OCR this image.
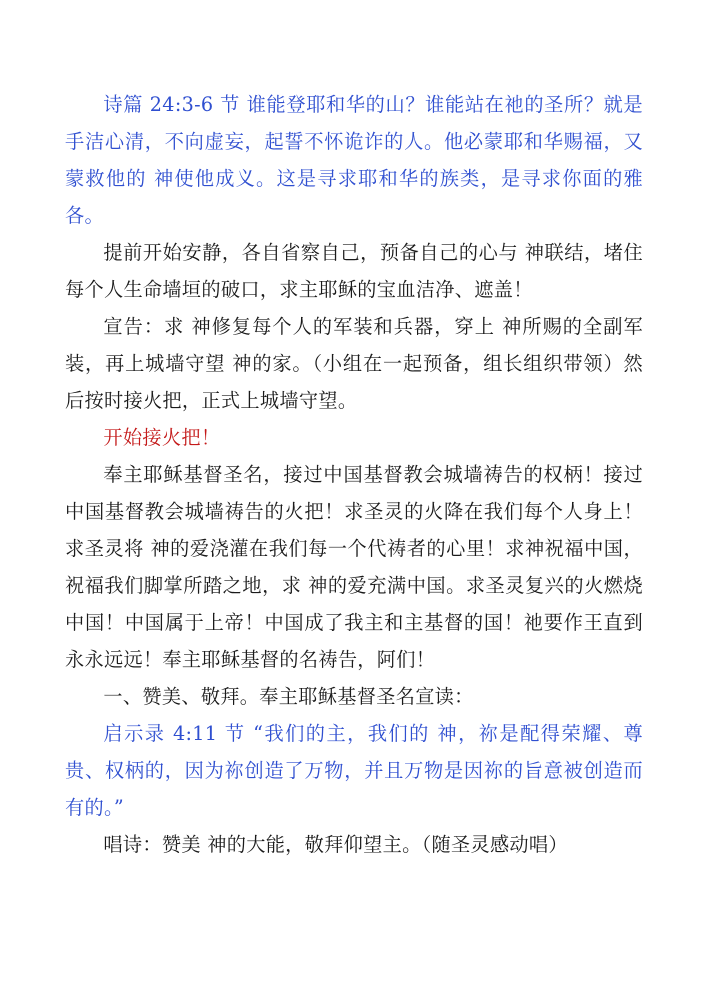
诗篇 24:3-6 节 谁能登耶和华的山？谁能站在祂的圣所？就是手洁心清，不向虚妄，起誓不怀诡诈的人。他必蒙耶和华赐福，又蒙救他的 神使他成义。这是寻求耶和华的族类，是寻求你面的雅各。

提前开始安静，各自省察自己，预备自己的心与 神联结，堵住每个人生命墙垣的破口，求主耶稣的宝血洁净、遮盖！

宣告：求 神修复每个人的军装和兵器，穿上 神所赐的全副军装，再上城墙守望 神的家。（小组在一起预备，组长组织带领）然后按时接火把，正式上城墙守望。

开始接火把！

奉主耶稣基督圣名，接过中国基督教会城墙祷告的权柄！接过中国基督教会城墙祷告的火把！求圣灵的火降在我们每个人身上！求圣灵将 神的爱浇灌在我们每一个代祷者的心里！求神祝福中国，祝福我们脚掌所踏之地，求 神的爱充满中国。求圣灵复兴的火燃烧中国！中国属于上帝！中国成了我主和主基督的国！祂要作王直到永永远远！奉主耶稣基督的名祷告，阿们！

一、赞美、敬拜。奉主耶稣基督圣名宣读：

启示录 4:11 节 “我们的主，我们的 神，祢是配得荣耀、尊贵、权柄的，因为祢创造了万物，并且万物是因祢的旨意被创造而有的。”

唱诗：赞美 神的大能，敬拜仰望主。（随圣灵感动唱）
